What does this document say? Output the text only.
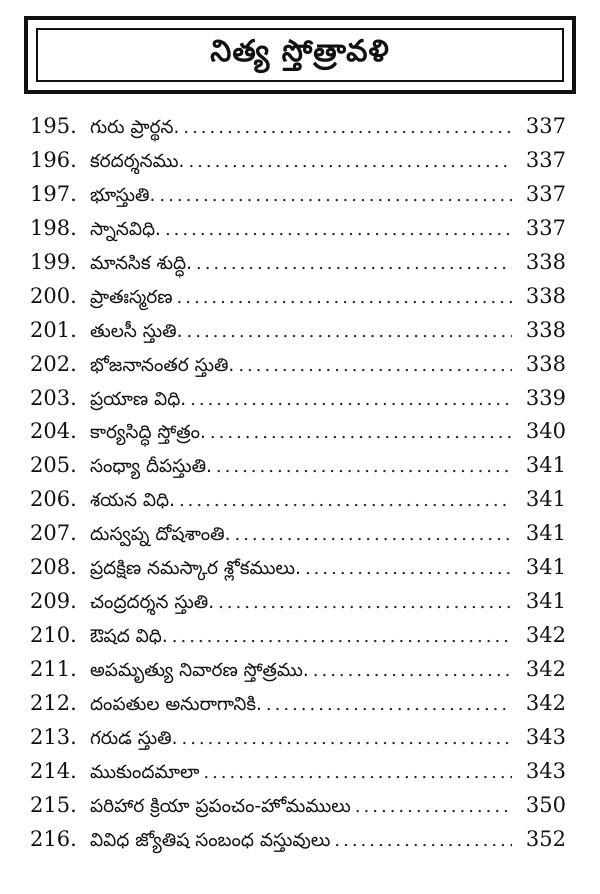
నిత్య స్తోత్రావళి
195. గురు ప్రార్థన. .....	337
196. కరదర్శనము. .....	337
197. భూస్తుతి. .....	337
198. స్నానవిధి. .....	337
199. మానసిక శుద్ధి. .....	338
200. ప్రాతఃస్మరణ .....	338
201. తులసీ స్తుతి. .....	338
202. భోజనానంతర స్తుతి. .....	338
203. ప్రయాణ విధి. .....	339
204. కార్యసిద్ధి స్తోత్రం. .....	340
205. సంధ్యా దీపస్తుతి. .....	341
206. శయన విధి. .....	341
207. దుస్వప్న దోషశాంతి. .....	341
208. ప్రదక్షిణ నమస్కార శ్లోకములు. .....	341
209. చంద్రదర్శన స్తుతి. .....	341
210. ఔషద విధి. .....	342
211. అపమృత్యు నివారణ స్తోత్రము. .....	342
212. దంపతుల అనురాగానికి. .....	342
213. గరుడ స్తుతి. .....	343
214. ముకుందమాలా .....	343
215. పరిహార క్రియా ప్రపంచం-హోమములు .....	350
216. వివిధ జ్యోతిష సంబంధ వస్తువులు .....	352
